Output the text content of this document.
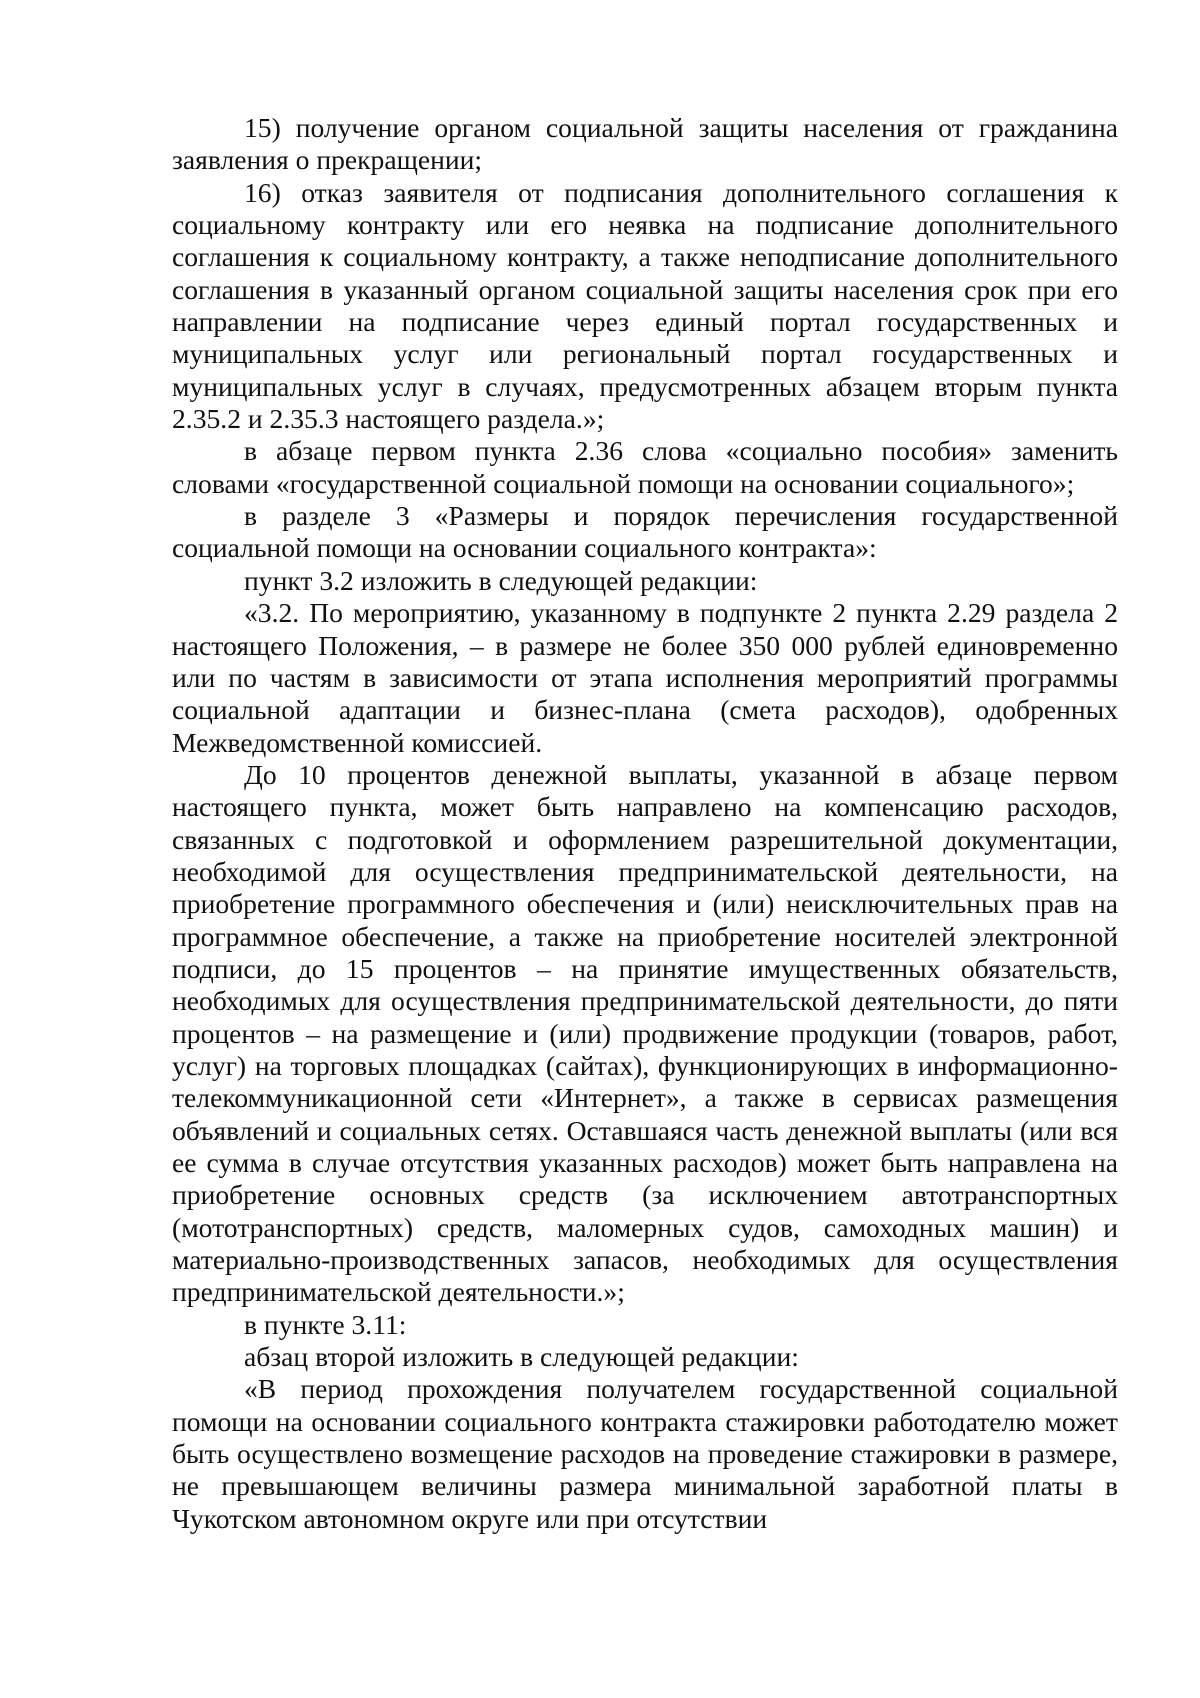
15) получение органом социальной защиты населения от гражданина заявления о прекращении;

16) отказ заявителя от подписания дополнительного соглашения к социальному контракту или его неявка на подписание дополнительного соглашения к социальному контракту, а также неподписание дополнительного соглашения в указанный органом социальной защиты населения срок при его направлении на подписание через единый портал государственных и муниципальных услуг или региональный портал государственных и муниципальных услуг в случаях, предусмотренных абзацем вторым пункта 2.35.2 и 2.35.3 настоящего раздела.»;

в абзаце первом пункта 2.36 слова «социально пособия» заменить словами «государственной социальной помощи на основании социального»;

в разделе 3 «Размеры и порядок перечисления государственной социальной помощи на основании социального контракта»:

пункт 3.2 изложить в следующей редакции:

«3.2. По мероприятию, указанному в подпункте 2 пункта 2.29 раздела 2 настоящего Положения, – в размере не более 350 000 рублей единовременно или по частям в зависимости от этапа исполнения мероприятий программы социальной адаптации и бизнес-плана (смета расходов), одобренных Межведомственной комиссией.

До 10 процентов денежной выплаты, указанной в абзаце первом настоящего пункта, может быть направлено на компенсацию расходов, связанных с подготовкой и оформлением разрешительной документации, необходимой для осуществления предпринимательской деятельности, на приобретение программного обеспечения и (или) неисключительных прав на программное обеспечение, а также на приобретение носителей электронной подписи, до 15 процентов – на принятие имущественных обязательств, необходимых для осуществления предпринимательской деятельности, до пяти процентов – на размещение и (или) продвижение продукции (товаров, работ, услуг) на торговых площадках (сайтах), функционирующих в информационно-телекоммуникационной сети «Интернет», а также в сервисах размещения объявлений и социальных сетях. Оставшаяся часть денежной выплаты (или вся ее сумма в случае отсутствия указанных расходов) может быть направлена на приобретение основных средств (за исключением автотранспортных (мототранспортных) средств, маломерных судов, самоходных машин) и материально-производственных запасов, необходимых для осуществления предпринимательской деятельности.»;

в пункте 3.11:

абзац второй изложить в следующей редакции:

«В период прохождения получателем государственной социальной помощи на основании социального контракта стажировки работодателю может быть осуществлено возмещение расходов на проведение стажировки в размере, не превышающем величины размера минимальной заработной платы в Чукотском автономном округе или при отсутствии
